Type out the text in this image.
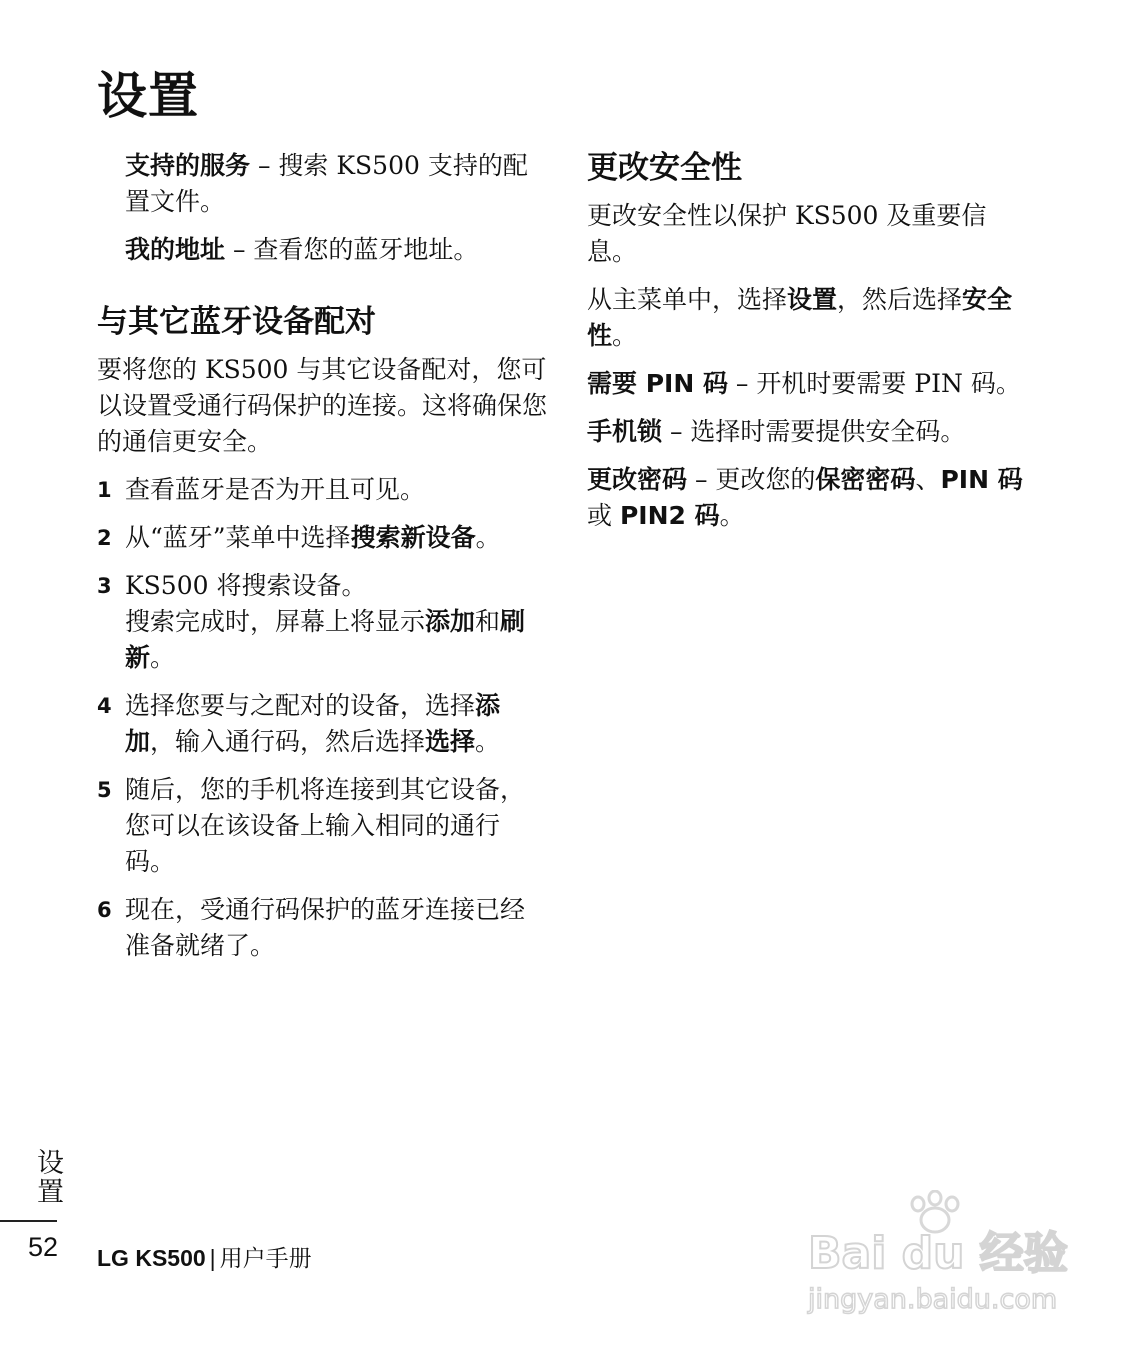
设置

支持的服务 – 搜索 KS500 支持的配置文件。

我的地址 – 查看您的蓝牙地址。

与其它蓝牙设备配对

要将您的 KS500 与其它设备配对，您可以设置受通行码保护的连接。这将确保您的通信更安全。

1 查看蓝牙是否为开且可见。
2 从“蓝牙”菜单中选择搜索新设备。
3 KS500 将搜索设备。
搜索完成时，屏幕上将显示添加和刷新。
4 选择您要与之配对的设备，选择添加，输入通行码，然后选择选择。
5 随后，您的手机将连接到其它设备，您可以在该设备上输入相同的通行码。
6 现在，受通行码保护的蓝牙连接已经准备就绪了。
更改安全性

更改安全性以保护 KS500 及重要信息。

从主菜单中，选择设置，然后选择安全性。

需要 PIN 码 – 开机时要需要 PIN 码。

手机锁 – 选择时需要提供安全码。

更改密码 – 更改您的保密密码、PIN 码或 PIN2 码。

设置
52 LG KS500 | 用户手册	Bai du 经验
jingyan.baidu.com
